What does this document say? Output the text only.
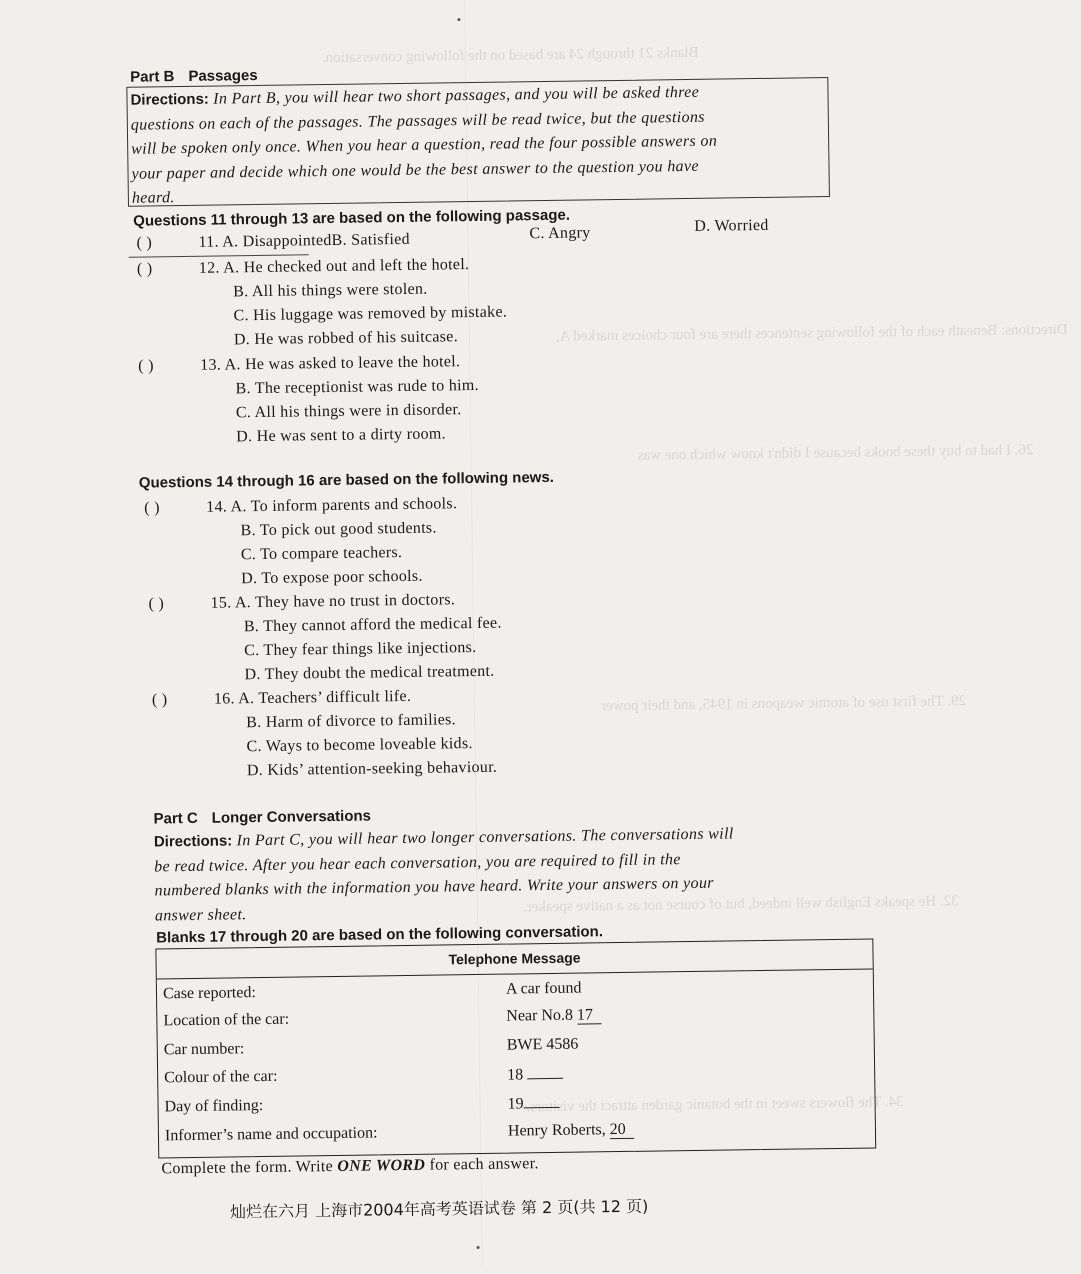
Blanks 21 through 24 are based on the following conversation.
Directions: Beneath each of the following sentences there are four choices marked A,
26. I had to buy these books because I didn't know which one was
29. The first use of atomic weapons in 1945, and their power
32. He speaks English well indeed, but of course not as a native speaker.
34. The flowers sweet in the botanic garden attract the visitors.
Part B Passages
Directions: In Part B, you will hear two short passages, and you will be asked three
questions on each of the passages. The passages will be read twice, but the questions
will be spoken only once. When you hear a question, read the four possible answers on
your paper and decide which one would be the best answer to the question you have
heard.
Questions 11 through 13 are based on the following passage.
( )	11. A. DisappointedB. Satisfied	C. Angry	D. Worried
( )	12. A. He checked out and left the hotel.
B. All his things were stolen.
C. His luggage was removed by mistake.
D. He was robbed of his suitcase.
( )	13. A. He was asked to leave the hotel.
B. The receptionist was rude to him.
C. All his things were in disorder.
D. He was sent to a dirty room.
Questions 14 through 16 are based on the following news.
( )	14. A. To inform parents and schools.
B. To pick out good students.
C. To compare teachers.
D. To expose poor schools.
( )	15. A. They have no trust in doctors.
B. They cannot afford the medical fee.
C. They fear things like injections.
D. They doubt the medical treatment.
( )	16. A. Teachers’ difficult life.
B. Harm of divorce to families.
C. Ways to become loveable kids.
D. Kids’ attention-seeking behaviour.
Part C Longer Conversations
Directions: In Part C, you will hear two longer conversations. The conversations will
be read twice. After you hear each conversation, you are required to fill in the
numbered blanks with the information you have heard. Write your answers on your
answer sheet.
Blanks 17 through 20 are based on the following conversation.
Telephone Message
Case reported:	A car found
Location of the car:	Near No.8 17
Car number:	BWE 4586
Colour of the car:	18
Day of finding:	19
Informer’s name and occupation:	Henry Roberts, 20
Complete the form. Write ONE WORD for each answer.
灿烂在六月 上海市2004年高考英语试卷 第 2 页(共 12 页)
